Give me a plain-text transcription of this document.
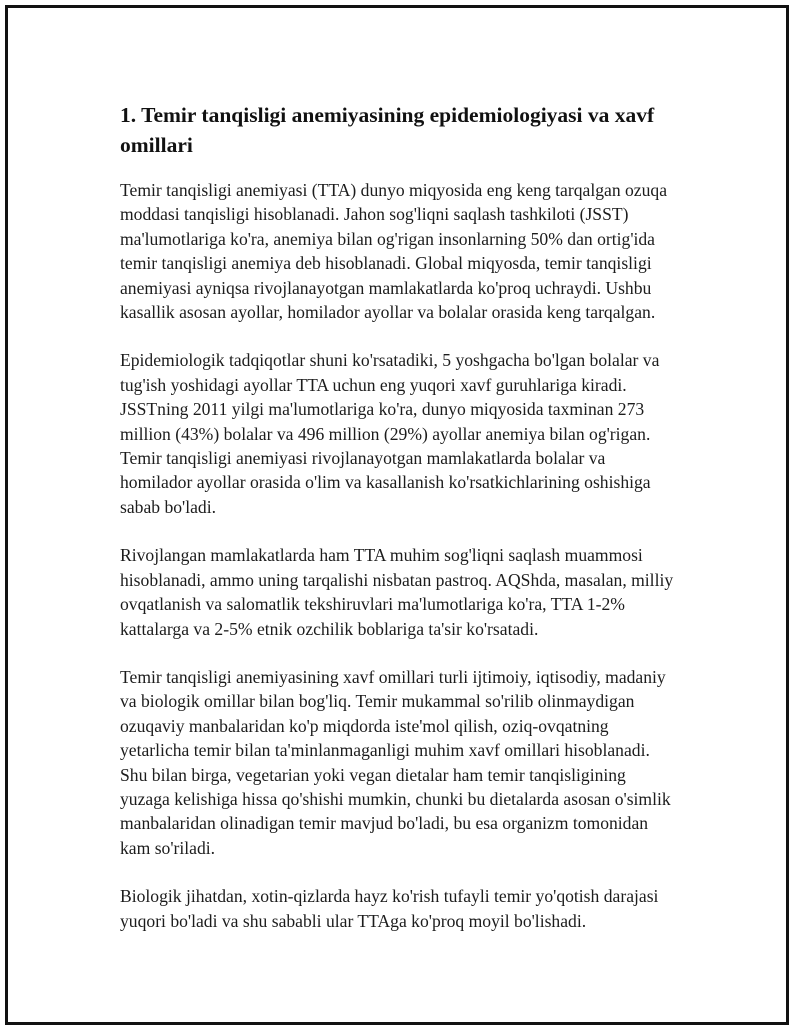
1. Temir tanqisligi anemiyasining epidemiologiyasi va xavf omillari

Temir tanqisligi anemiyasi (TTA) dunyo miqyosida eng keng tarqalgan ozuqa moddasi tanqisligi hisoblanadi. Jahon sog'liqni saqlash tashkiloti (JSST) ma'lumotlariga ko'ra, anemiya bilan og'rigan insonlarning 50% dan ortig'ida temir tanqisligi anemiya deb hisoblanadi. Global miqyosda, temir tanqisligi anemiyasi ayniqsa rivojlanayotgan mamlakatlarda ko'proq uchraydi. Ushbu kasallik asosan ayollar, homilador ayollar va bolalar orasida keng tarqalgan.

Epidemiologik tadqiqotlar shuni ko'rsatadiki, 5 yoshgacha bo'lgan bolalar va tug'ish yoshidagi ayollar TTA uchun eng yuqori xavf guruhlariga kiradi. JSSTning 2011 yilgi ma'lumotlariga ko'ra, dunyo miqyosida taxminan 273 million (43%) bolalar va 496 million (29%) ayollar anemiya bilan og'rigan. Temir tanqisligi anemiyasi rivojlanayotgan mamlakatlarda bolalar va homilador ayollar orasida o'lim va kasallanish ko'rsatkichlarining oshishiga sabab bo'ladi.

Rivojlangan mamlakatlarda ham TTA muhim sog'liqni saqlash muammosi hisoblanadi, ammo uning tarqalishi nisbatan pastroq. AQShda, masalan, milliy ovqatlanish va salomatlik tekshiruvlari ma'lumotlariga ko'ra, TTA 1-2% kattalarga va 2-5% etnik ozchilik boblariga ta'sir ko'rsatadi.

Temir tanqisligi anemiyasining xavf omillari turli ijtimoiy, iqtisodiy, madaniy va biologik omillar bilan bog'liq. Temir mukammal so'rilib olinmaydigan ozuqaviy manbalaridan ko'p miqdorda iste'mol qilish, oziq-ovqatning yetarlicha temir bilan ta'minlanmaganligi muhim xavf omillari hisoblanadi. Shu bilan birga, vegetarian yoki vegan dietalar ham temir tanqisligining yuzaga kelishiga hissa qo'shishi mumkin, chunki bu dietalarda asosan o'simlik manbalaridan olinadigan temir mavjud bo'ladi, bu esa organizm tomonidan kam so'riladi.

Biologik jihatdan, xotin-qizlarda hayz ko'rish tufayli temir yo'qotish darajasi yuqori bo'ladi va shu sababli ular TTAga ko'proq moyil bo'lishadi.
